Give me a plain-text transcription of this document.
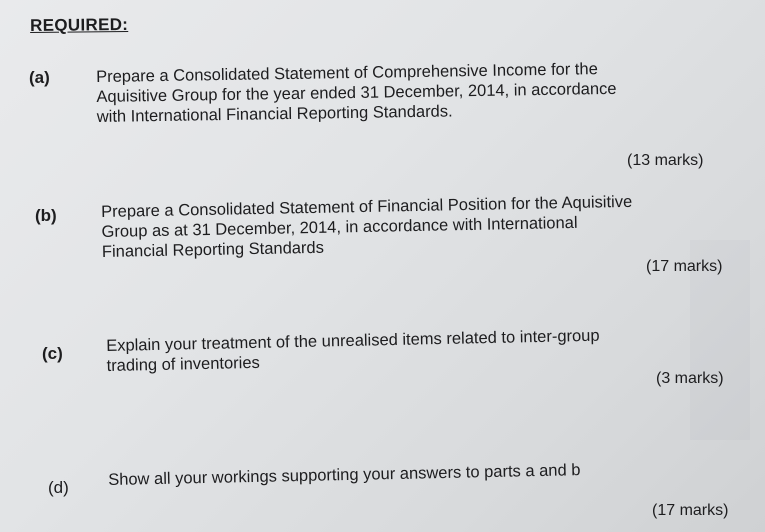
REQUIRED:
(a)	Prepare a Consolidated Statement of Comprehensive Income for the
Aquisitive Group for the year ended 31 December, 2014, in accordance
with International Financial Reporting Standards.
(13 marks)
(b)	Prepare a Consolidated Statement of Financial Position for the Aquisitive
Group as at 31 December, 2014, in accordance with International
Financial Reporting Standards
(17 marks)
(c)	Explain your treatment of the unrealised items related to inter-group
trading of inventories
(3 marks)
(d) Show all your workings supporting your answers to parts a and b
(17 marks)
